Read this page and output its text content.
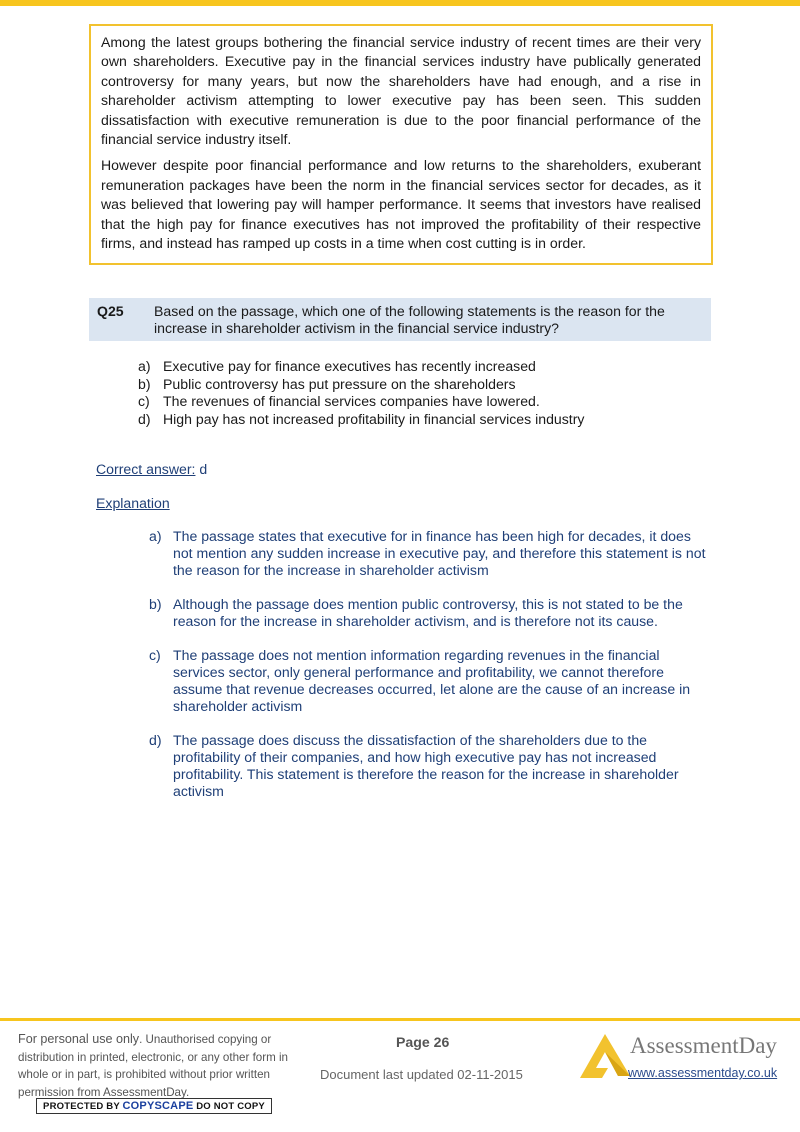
Among the latest groups bothering the financial service industry of recent times are their very own shareholders. Executive pay in the financial services industry have publically generated controversy for many years, but now the shareholders have had enough, and a rise in shareholder activism attempting to lower executive pay has been seen. This sudden dissatisfaction with executive remuneration is due to the poor financial performance of the financial service industry itself.

However despite poor financial performance and low returns to the shareholders, exuberant remuneration packages have been the norm in the financial services sector for decades, as it was believed that lowering pay will hamper performance. It seems that investors have realised that the high pay for finance executives has not improved the profitability of their respective firms, and instead has ramped up costs in a time when cost cutting is in order.

Q25 Based on the passage, which one of the following statements is the reason for the increase in shareholder activism in the financial service industry?
a) Executive pay for finance executives has recently increased
b) Public controversy has put pressure on the shareholders
c) The revenues of financial services companies have lowered.
d) High pay has not increased profitability in financial services industry
Correct answer: d
Explanation
a) The passage states that executive for in finance has been high for decades, it does not mention any sudden increase in executive pay, and therefore this statement is not the reason for the increase in shareholder activism
b) Although the passage does mention public controversy, this is not stated to be the reason for the increase in shareholder activism, and is therefore not its cause.
c) The passage does not mention information regarding revenues in the financial services sector, only general performance and profitability, we cannot therefore assume that revenue decreases occurred, let alone are the cause of an increase in shareholder activism
d) The passage does discuss the dissatisfaction of the shareholders due to the profitability of their companies, and how high executive pay has not increased profitability. This statement is therefore the reason for the increase in shareholder activism
For personal use only. Unauthorised copying or distribution in printed, electronic, or any other form in whole or in part, is prohibited without prior written permission from AssessmentDay.
PROTECTED BY COPYSCAPE DO NOT COPY
Page 26
Document last updated 02-11-2015
AssessmentDay
www.assessmentday.co.uk
